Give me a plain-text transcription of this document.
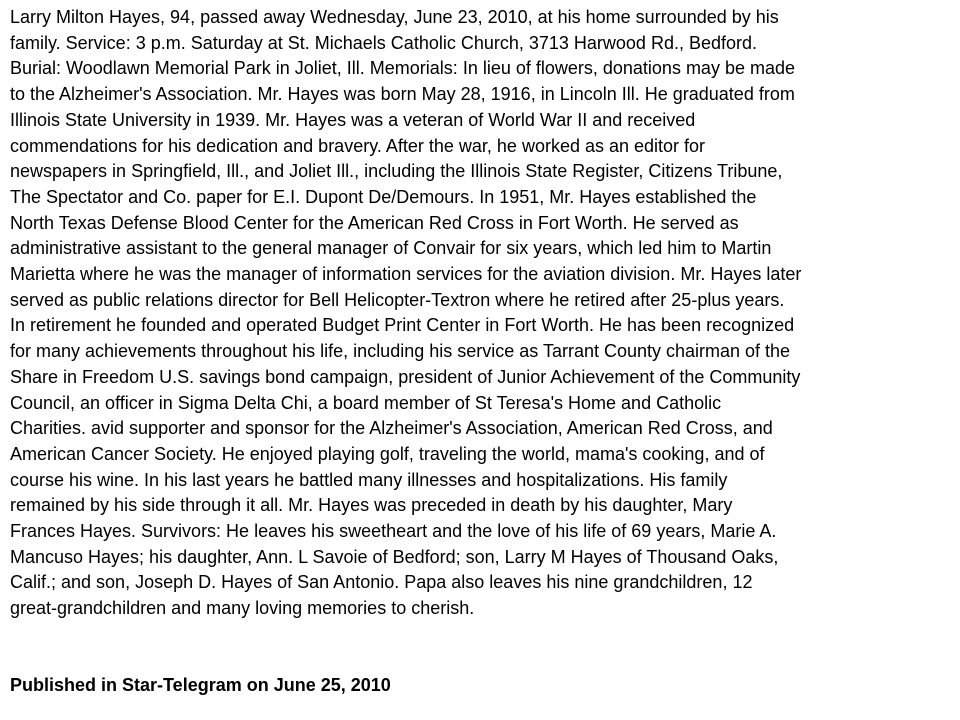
Larry Milton Hayes, 94, passed away Wednesday, June 23, 2010, at his home surrounded by his
family. Service: 3 p.m. Saturday at St. Michaels Catholic Church, 3713 Harwood Rd., Bedford.
Burial: Woodlawn Memorial Park in Joliet, Ill. Memorials: In lieu of flowers, donations may be made
to the Alzheimer's Association. Mr. Hayes was born May 28, 1916, in Lincoln Ill. He graduated from
Illinois State University in 1939. Mr. Hayes was a veteran of World War II and received
commendations for his dedication and bravery. After the war, he worked as an editor for
newspapers in Springfield, Ill., and Joliet Ill., including the Illinois State Register, Citizens Tribune,
The Spectator and Co. paper for E.I. Dupont De/Demours. In 1951, Mr. Hayes established the
North Texas Defense Blood Center for the American Red Cross in Fort Worth. He served as
administrative assistant to the general manager of Convair for six years, which led him to Martin
Marietta where he was the manager of information services for the aviation division. Mr. Hayes later
served as public relations director for Bell Helicopter-Textron where he retired after 25-plus years.
In retirement he founded and operated Budget Print Center in Fort Worth. He has been recognized
for many achievements throughout his life, including his service as Tarrant County chairman of the
Share in Freedom U.S. savings bond campaign, president of Junior Achievement of the Community
Council, an officer in Sigma Delta Chi, a board member of St Teresa's Home and Catholic
Charities. avid supporter and sponsor for the Alzheimer's Association, American Red Cross, and
American Cancer Society. He enjoyed playing golf, traveling the world, mama's cooking, and of
course his wine. In his last years he battled many illnesses and hospitalizations. His family
remained by his side through it all. Mr. Hayes was preceded in death by his daughter, Mary
Frances Hayes. Survivors: He leaves his sweetheart and the love of his life of 69 years, Marie A.
Mancuso Hayes; his daughter, Ann. L Savoie of Bedford; son, Larry M Hayes of Thousand Oaks,
Calif.; and son, Joseph D. Hayes of San Antonio. Papa also leaves his nine grandchildren, 12
great-grandchildren and many loving memories to cherish.
Published in Star-Telegram on June 25, 2010
